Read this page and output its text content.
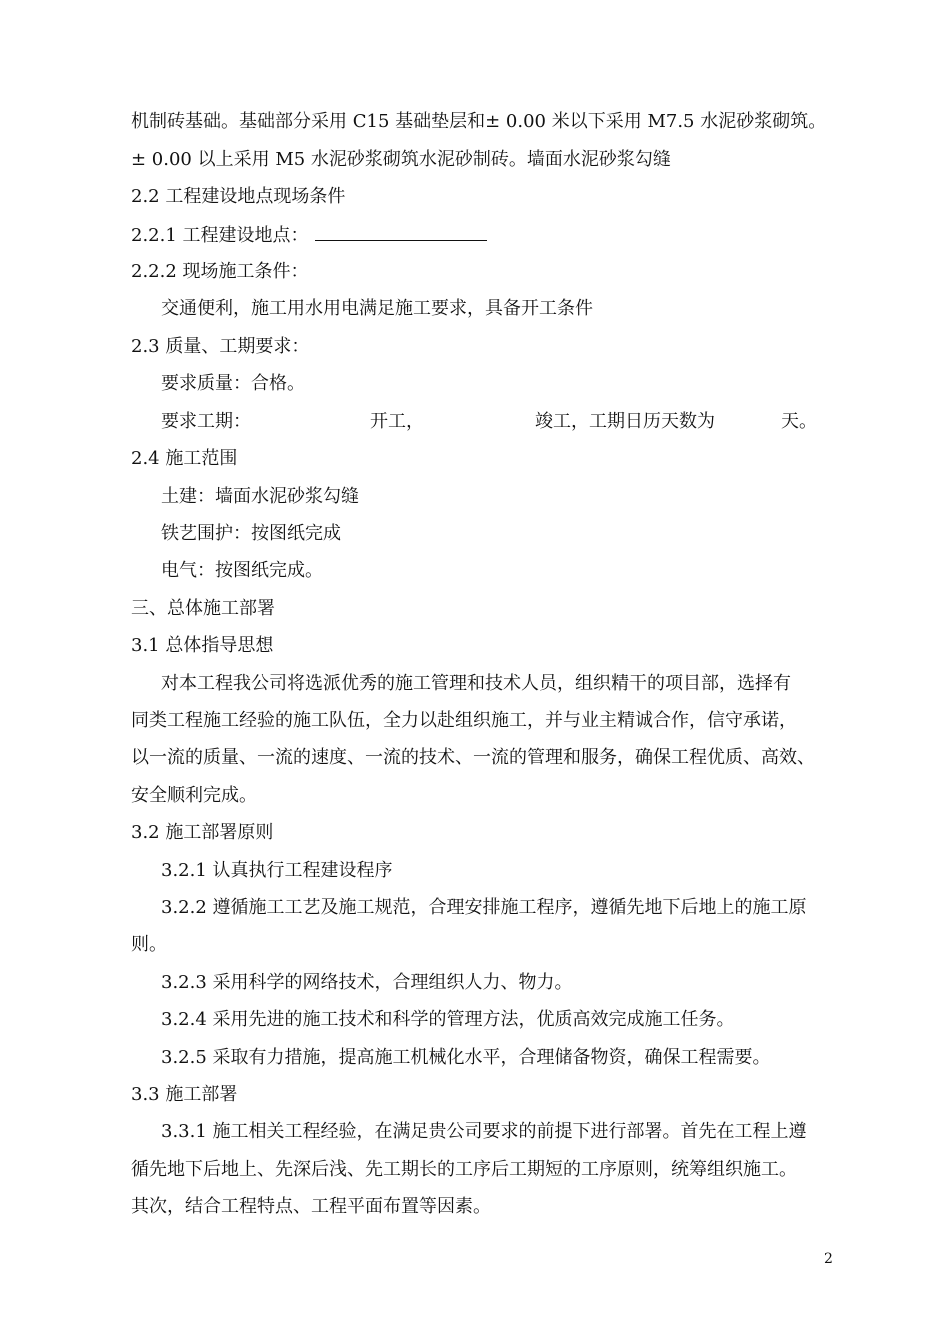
机制砖基础。基础部分采用 C15 基础垫层和± 0.00 米以下采用 M7.5 水泥砂浆砌筑。
± 0.00 以上采用 M5 水泥砂浆砌筑水泥砂制砖。墙面水泥砂浆勾缝
2.2 工程建设地点现场条件
2.2.1 工程建设地点：
2.2.2 现场施工条件：
交通便利，施工用水用电满足施工要求，具备开工条件
2.3 质量、工期要求：
要求质量：合格。
要求工期：	开工，	竣工，工期日历天数为	天。
2.4 施工范围
土建：墙面水泥砂浆勾缝
铁艺围护：按图纸完成
电气：按图纸完成。
三、总体施工部署
3.1 总体指导思想
对本工程我公司将选派优秀的施工管理和技术人员，组织精干的项目部，选择有
同类工程施工经验的施工队伍，全力以赴组织施工，并与业主精诚合作，信守承诺，
以一流的质量、一流的速度、一流的技术、一流的管理和服务，确保工程优质、高效、
安全顺利完成。
3.2 施工部署原则
3.2.1 认真执行工程建设程序
3.2.2 遵循施工工艺及施工规范，合理安排施工程序，遵循先地下后地上的施工原
则。
3.2.3 采用科学的网络技术，合理组织人力、物力。
3.2.4 采用先进的施工技术和科学的管理方法，优质高效完成施工任务。
3.2.5 采取有力措施，提高施工机械化水平，合理储备物资，确保工程需要。
3.3 施工部署
3.3.1 施工相关工程经验，在满足贵公司要求的前提下进行部署。首先在工程上遵
循先地下后地上、先深后浅、先工期长的工序后工期短的工序原则，统筹组织施工。
其次，结合工程特点、工程平面布置等因素。
2
